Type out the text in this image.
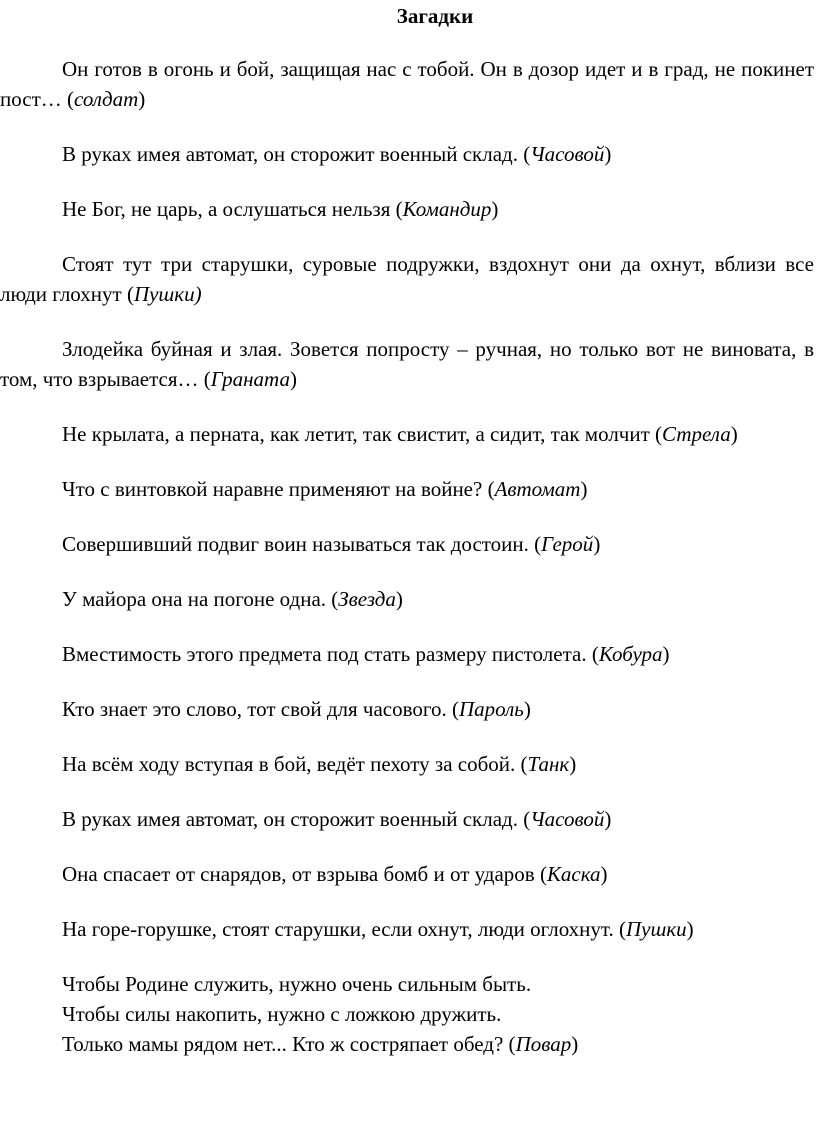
Загадки

Он готов в огонь и бой, защищая нас с тобой. Он в дозор идет и в град, не покинет пост… (солдат)

В руках имея автомат, он сторожит военный склад. (Часовой)

Не Бог, не царь, а ослушаться нельзя (Командир)

Стоят тут три старушки, суровые подружки, вздохнут они да охнут, вблизи все люди глохнут (Пушки)

Злодейка буйная и злая. Зовется попросту – ручная, но только вот не виновата, в том, что взрывается… (Граната)

Не крылата, а перната, как летит, так свистит, а сидит, так молчит (Стрела)

Что с винтовкой наравне применяют на войне? (Автомат)

Совершивший подвиг воин называться так достоин. (Герой)

У майора она на погоне одна. (Звезда)

Вместимость этого предмета под стать размеру пистолета. (Кобура)

Кто знает это слово, тот свой для часового. (Пароль)

На всём ходу вступая в бой, ведёт пехоту за собой. (Танк)

В руках имея автомат, он сторожит военный склад. (Часовой)

Она спасает от снарядов, от взрыва бомб и от ударов (Каска)

На горе-горушке, стоят старушки, если охнут, люди оглохнут. (Пушки)

Чтобы Родине служить, нужно очень сильным быть.
Чтобы силы накопить, нужно с ложкою дружить.
Только мамы рядом нет... Кто ж состряпает обед? (Повар)
